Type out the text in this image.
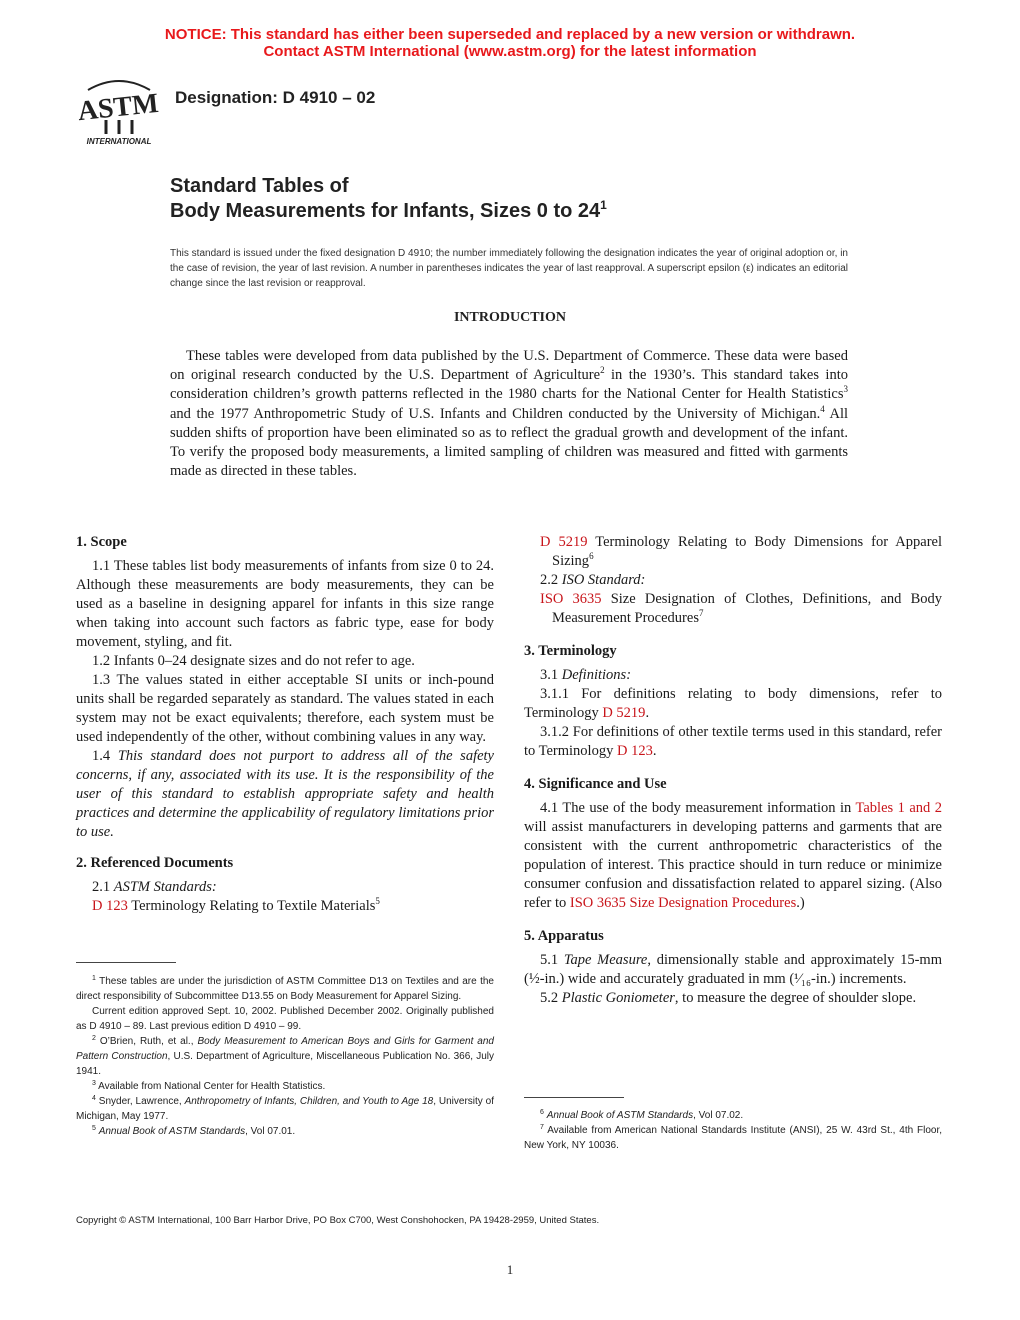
NOTICE: This standard has either been superseded and replaced by a new version or withdrawn.
Contact ASTM International (www.astm.org) for the latest information
ASTM
INTERNATIONAL
Designation: D 4910 – 02
Standard Tables of
Body Measurements for Infants, Sizes 0 to $24^1$
This standard is issued under the fixed designation D 4910; the number immediately following the designation indicates the year of original adoption or, in the case of revision, the year of last revision. A number in parentheses indicates the year of last reapproval. A superscript epsilon (ε) indicates an editorial change since the last revision or reapproval.
INTRODUCTION
These tables were developed from data published by the U.S. Department of Commerce. These data were based on original research conducted by the U.S. Department of Agriculture$^2$ in the 1930’s. This standard takes into consideration children’s growth patterns reflected in the 1980 charts for the National Center for Health Statistics$^3$ and the 1977 Anthropometric Study of U.S. Infants and Children conducted by the University of Michigan.$^4$ All sudden shifts of proportion have been eliminated so as to reflect the gradual growth and development of the infant. To verify the proposed body measurements, a limited sampling of children was measured and fitted with garments made as directed in these tables.
1. Scope

1.1 These tables list body measurements of infants from size 0 to 24. Although these measurements are body measurements, they can be used as a baseline in designing apparel for infants in this size range when taking into account such factors as fabric type, ease for body movement, styling, and fit.

1.2 Infants 0–24 designate sizes and do not refer to age.

1.3 The values stated in either acceptable SI units or inch-pound units shall be regarded separately as standard. The values stated in each system may not be exact equivalents; therefore, each system must be used independently of the other, without combining values in any way.

1.4 This standard does not purport to address all of the safety concerns, if any, associated with its use. It is the responsibility of the user of this standard to establish appropriate safety and health practices and determine the applicability of regulatory limitations prior to use.

2. Referenced Documents

2.1 ASTM Standards:

D 123 Terminology Relating to Textile Materials$^5$

$^1$ These tables are under the jurisdiction of ASTM Committee D13 on Textiles and are the direct responsibility of Subcommittee D13.55 on Body Measurement for Apparel Sizing.

Current edition approved Sept. 10, 2002. Published December 2002. Originally published as D 4910 – 89. Last previous edition D 4910 – 99.

$^2$ O’Brien, Ruth, et al., Body Measurement to American Boys and Girls for Garment and Pattern Construction, U.S. Department of Agriculture, Miscellaneous Publication No. 366, July 1941.

$^3$ Available from National Center for Health Statistics.

$^4$ Snyder, Lawrence, Anthropometry of Infants, Children, and Youth to Age 18, University of Michigan, May 1977.

$^5$ Annual Book of ASTM Standards, Vol 07.01.

D 5219 Terminology Relating to Body Dimensions for Apparel Sizing$^6$

2.2 ISO Standard:

ISO 3635 Size Designation of Clothes, Definitions, and Body Measurement Procedures$^7$

3. Terminology

3.1 Definitions:

3.1.1 For definitions relating to body dimensions, refer to Terminology D 5219.

3.1.2 For definitions of other textile terms used in this standard, refer to Terminology D 123.

4. Significance and Use

4.1 The use of the body measurement information in Tables 1 and 2 will assist manufacturers in developing patterns and garments that are consistent with the current anthropometric characteristics of the population of interest. This practice should in turn reduce or minimize consumer confusion and dissatisfaction related to apparel sizing. (Also refer to ISO 3635 Size Designation Procedures.)

5. Apparatus

5.1 Tape Measure, dimensionally stable and approximately 15-mm (½-in.) wide and accurately graduated in mm (¹⁄₁₆-in.) increments.

5.2 Plastic Goniometer, to measure the degree of shoulder slope.

$^6$ Annual Book of ASTM Standards, Vol 07.02.

$^7$ Available from American National Standards Institute (ANSI), 25 W. 43rd St., 4th Floor, New York, NY 10036.

Copyright © ASTM International, 100 Barr Harbor Drive, PO Box C700, West Conshohocken, PA 19428-2959, United States.
1
